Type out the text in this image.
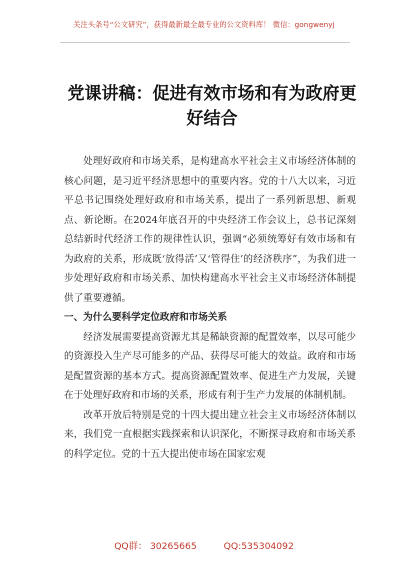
关注头条号“公文研究”，获得最新最全最专业的公文资料库！ 微信：gongwenyj
党课讲稿：促进有效市场和有为政府更好结合

处理好政府和市场关系，是构建高水平社会主义市场经济体制的核心问题，是习近平经济思想中的重要内容。党的十八大以来，习近平总书记围绕处理好政府和市场关系，提出了一系列新思想、新观点、新论断。在2024年底召开的中央经济工作会议上，总书记深刻总结新时代经济工作的规律性认识，强调“必须统筹好有效市场和有为政府的关系，形成既‘放得活’又‘管得住’的经济秩序”，为我们进一步处理好政府和市场关系、加快构建高水平社会主义市场经济体制提供了重要遵循。

一、为什么要科学定位政府和市场关系

经济发展需要提高资源尤其是稀缺资源的配置效率，以尽可能少的资源投入生产尽可能多的产品、获得尽可能大的效益。政府和市场是配置资源的基本方式。提高资源配置效率、促进生产力发展，关键在于处理好政府和市场的关系，形成有利于生产力发展的体制机制。

改革开放后特别是党的十四大提出建立社会主义市场经济体制以来，我们党一直根据实践探索和认识深化，不断探寻政府和市场关系的科学定位。党的十五大提出使市场在国家宏观

QQ群： 30265665	QQ:535304092
